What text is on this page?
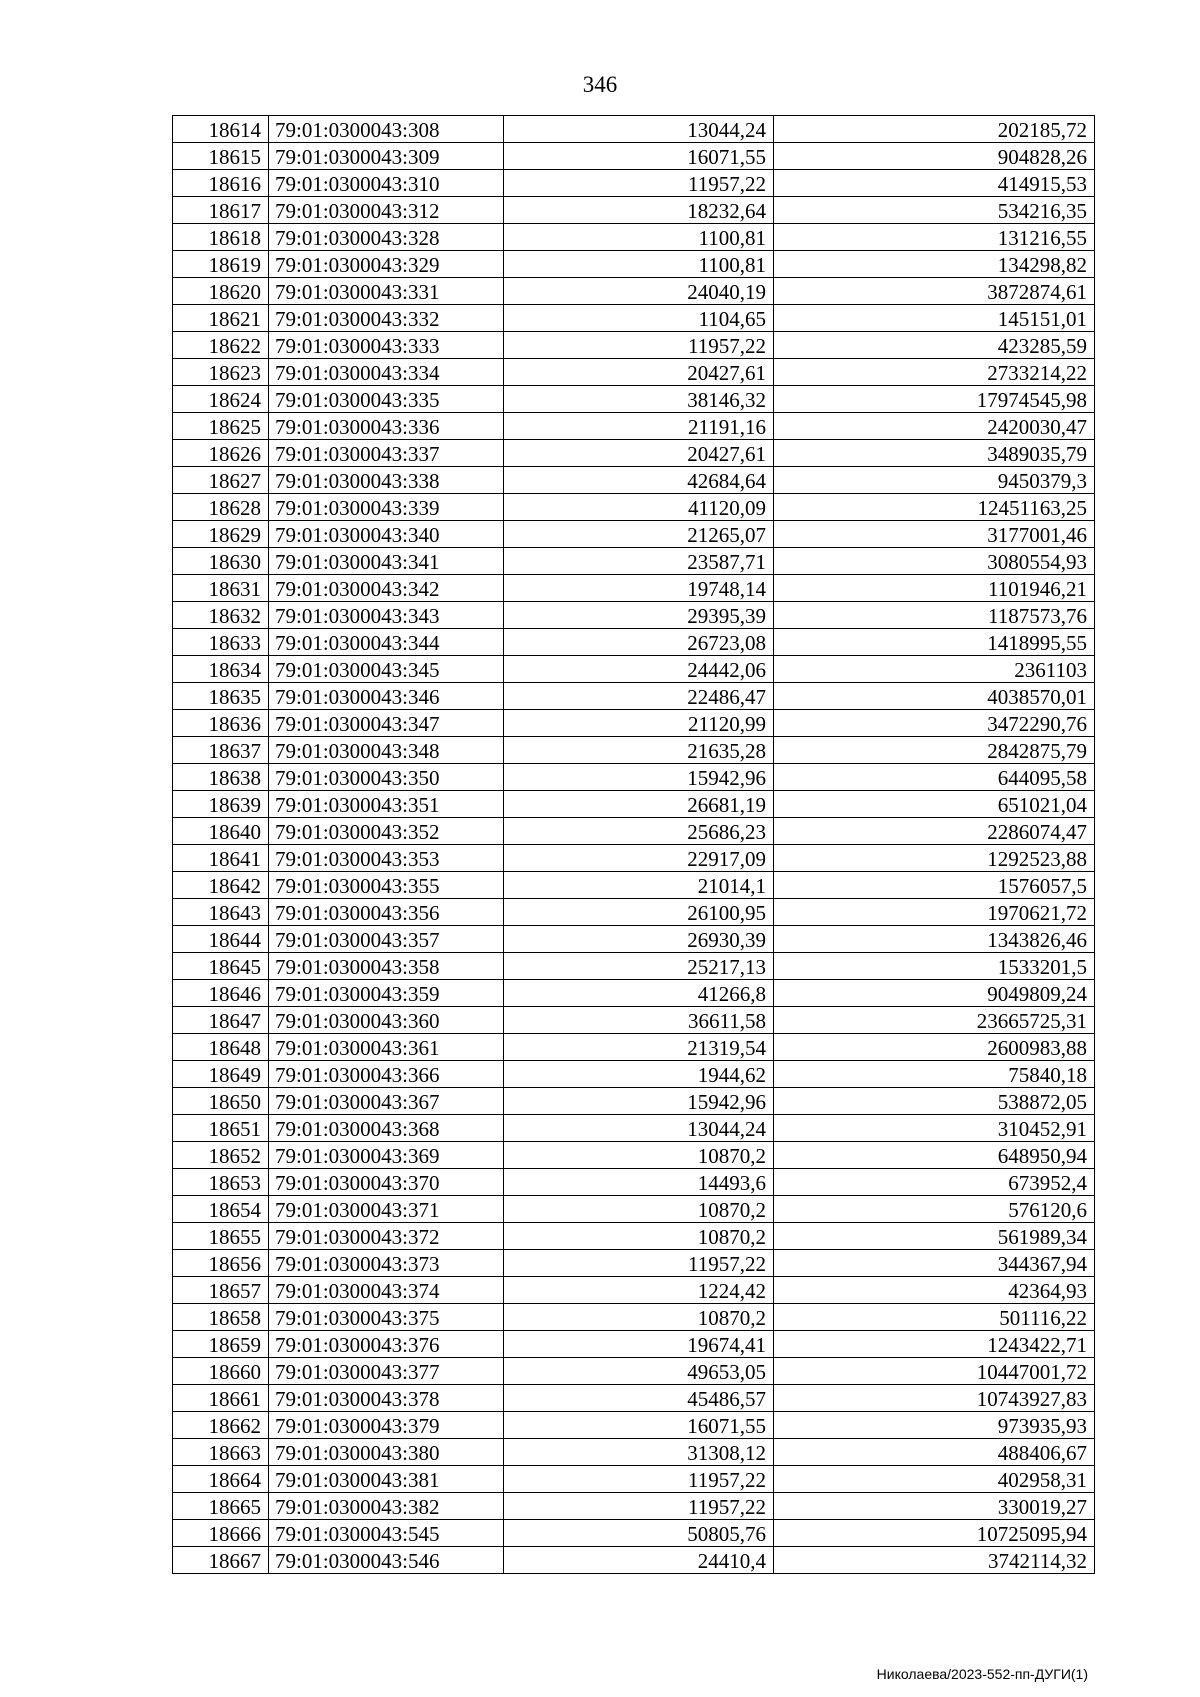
346
18614	79:01:0300043:308	13044,24	202185,72
18615	79:01:0300043:309	16071,55	904828,26
18616	79:01:0300043:310	11957,22	414915,53
18617	79:01:0300043:312	18232,64	534216,35
18618	79:01:0300043:328	1100,81	131216,55
18619	79:01:0300043:329	1100,81	134298,82
18620	79:01:0300043:331	24040,19	3872874,61
18621	79:01:0300043:332	1104,65	145151,01
18622	79:01:0300043:333	11957,22	423285,59
18623	79:01:0300043:334	20427,61	2733214,22
18624	79:01:0300043:335	38146,32	17974545,98
18625	79:01:0300043:336	21191,16	2420030,47
18626	79:01:0300043:337	20427,61	3489035,79
18627	79:01:0300043:338	42684,64	9450379,3
18628	79:01:0300043:339	41120,09	12451163,25
18629	79:01:0300043:340	21265,07	3177001,46
18630	79:01:0300043:341	23587,71	3080554,93
18631	79:01:0300043:342	19748,14	1101946,21
18632	79:01:0300043:343	29395,39	1187573,76
18633	79:01:0300043:344	26723,08	1418995,55
18634	79:01:0300043:345	24442,06	2361103
18635	79:01:0300043:346	22486,47	4038570,01
18636	79:01:0300043:347	21120,99	3472290,76
18637	79:01:0300043:348	21635,28	2842875,79
18638	79:01:0300043:350	15942,96	644095,58
18639	79:01:0300043:351	26681,19	651021,04
18640	79:01:0300043:352	25686,23	2286074,47
18641	79:01:0300043:353	22917,09	1292523,88
18642	79:01:0300043:355	21014,1	1576057,5
18643	79:01:0300043:356	26100,95	1970621,72
18644	79:01:0300043:357	26930,39	1343826,46
18645	79:01:0300043:358	25217,13	1533201,5
18646	79:01:0300043:359	41266,8	9049809,24
18647	79:01:0300043:360	36611,58	23665725,31
18648	79:01:0300043:361	21319,54	2600983,88
18649	79:01:0300043:366	1944,62	75840,18
18650	79:01:0300043:367	15942,96	538872,05
18651	79:01:0300043:368	13044,24	310452,91
18652	79:01:0300043:369	10870,2	648950,94
18653	79:01:0300043:370	14493,6	673952,4
18654	79:01:0300043:371	10870,2	576120,6
18655	79:01:0300043:372	10870,2	561989,34
18656	79:01:0300043:373	11957,22	344367,94
18657	79:01:0300043:374	1224,42	42364,93
18658	79:01:0300043:375	10870,2	501116,22
18659	79:01:0300043:376	19674,41	1243422,71
18660	79:01:0300043:377	49653,05	10447001,72
18661	79:01:0300043:378	45486,57	10743927,83
18662	79:01:0300043:379	16071,55	973935,93
18663	79:01:0300043:380	31308,12	488406,67
18664	79:01:0300043:381	11957,22	402958,31
18665	79:01:0300043:382	11957,22	330019,27
18666	79:01:0300043:545	50805,76	10725095,94
18667	79:01:0300043:546	24410,4	3742114,32
Николаева/2023-552-пп-ДУГИ(1)
